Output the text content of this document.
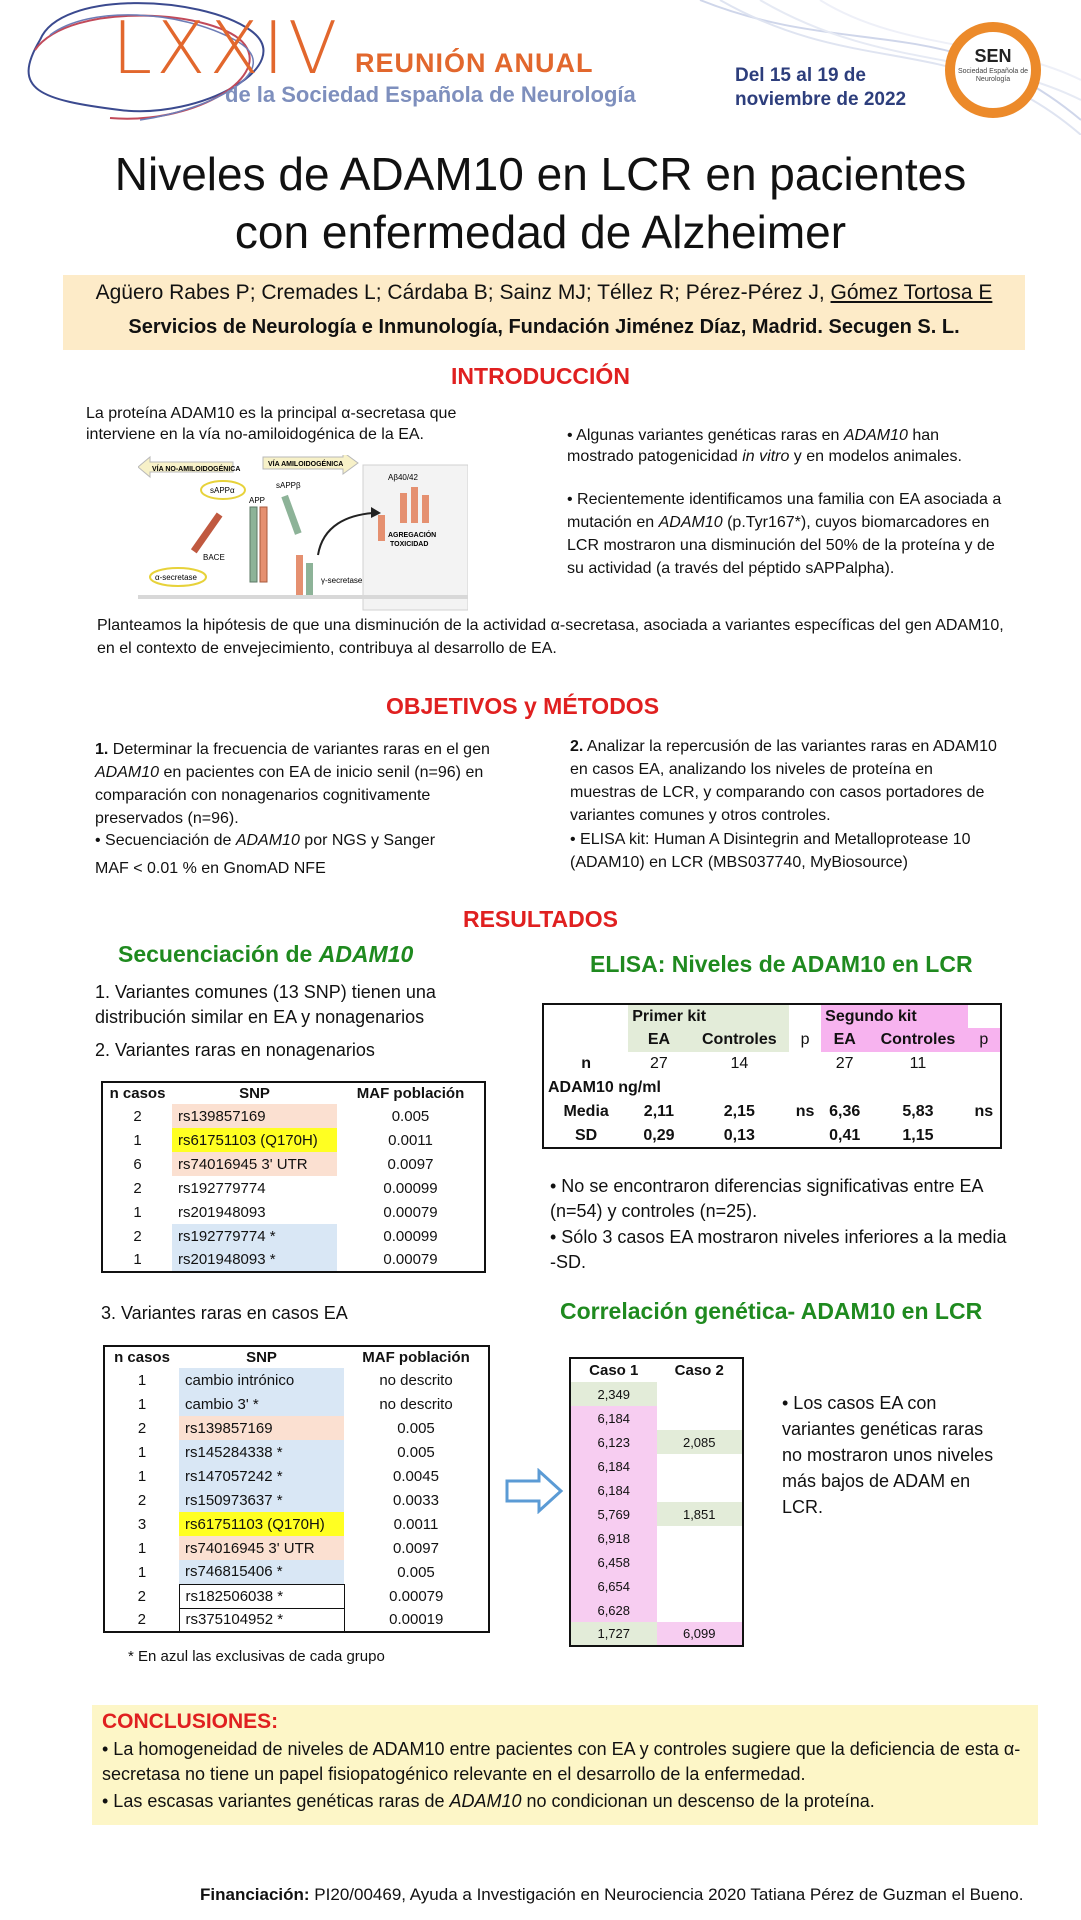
LXXIV REUNIÓN ANUAL
de la Sociedad Española de Neurología
Del 15 al 19 de
noviembre de 2022
SEN
Sociedad Española de Neurología
Niveles de ADAM10 en LCR en pacientes
con enfermedad de Alzheimer
Agüero Rabes P; Cremades L; Cárdaba B; Sainz MJ; Téllez R; Pérez-Pérez J, Gómez Tortosa E
Servicios de Neurología e Inmunología, Fundación Jiménez Díaz, Madrid. Secugen S. L.
INTRODUCCIÓN
La proteína ADAM10 es la principal α-secretasa que interviene en la vía no-amiloidogénica de la EA.
VÍA NO-AMILOIDOGÉNICA
VÍA AMILOIDOGÉNICA
sAPPα
sAPPβ
APP
Aβ40/42
AGREGACIÓN
TOXICIDAD
BACE
α-secretase	γ-secretase
• Algunas variantes genéticas raras en ADAM10 han mostrado patogenicidad in vitro y en modelos animales.
• Recientemente identificamos una familia con EA asociada a mutación en ADAM10 (p.Tyr167*), cuyos biomarcadores en LCR mostraron una disminución del 50% de la proteína y de su actividad (a través del péptido sAPPalpha).
Planteamos la hipótesis de que una disminución de la actividad α-secretasa, asociada a variantes específicas del gen ADAM10, en el contexto de envejecimiento, contribuya al desarrollo de EA.
OBJETIVOS y MÉTODOS
1. Determinar la frecuencia de variantes raras en el gen ADAM10 en pacientes con EA de inicio senil (n=96) en comparación con nonagenarios cognitivamente preservados (n=96).
• Secuenciación de ADAM10 por NGS y Sanger
MAF < 0.01 % en GnomAD NFE
2. Analizar la repercusión de las variantes raras en ADAM10 en casos EA, analizando los niveles de proteína en muestras de LCR, y comparando con casos portadores de variantes comunes y otros controles.
• ELISA kit: Human A Disintegrin and Metalloprotease 10 (ADAM10) en LCR (MBS037740, MyBiosource)
RESULTADOS
Secuenciación de ADAM10
1. Variantes comunes (13 SNP) tienen una distribución similar en EA y nonagenarios
2. Variantes raras en nonagenarios
n casos	SNP	MAF población
2	rs139857169	0.005
1	rs61751103 (Q170H)	0.0011
6	rs74016945 3' UTR	0.0097
2	rs192779774	0.00099
1	rs201948093	0.00079
2	rs192779774 *	0.00099
1	rs201948093 *	0.00079
3. Variantes raras en casos EA
n casos	SNP	MAF población
1	cambio intrónico	no descrito
1	cambio 3' *	no descrito
2	rs139857169	0.005
1	rs145284338 *	0.005
1	rs147057242 *	0.0045
2	rs150973637 *	0.0033
3	rs61751103 (Q170H)	0.0011
1	rs74016945 3' UTR	0.0097
1	rs746815406 *	0.005
2	rs182506038 *	0.00079
2	rs375104952 *	0.00019
* En azul las exclusivas de cada grupo
ELISA: Niveles de ADAM10 en LCR
	Primer kit			Segundo kit		
	EA	Controles	p	EA	Controles	p
n	27	14		27	11	
ADAM10 ng/ml						
Media	2,11	2,15	ns	6,36	5,83	ns
SD	0,29	0,13		0,41	1,15	
• No se encontraron diferencias significativas entre EA (n=54) y controles (n=25).
• Sólo 3 casos EA mostraron niveles inferiores a la media -SD.
Correlación genética- ADAM10 en LCR
Caso 1	Caso 2
2,349	
6,184	
6,123	2,085
6,184	
6,184	
5,769	1,851
6,918	
6,458	
6,654	
6,628	
1,727	6,099
• Los casos EA con variantes genéticas raras no mostraron unos niveles más bajos de ADAM en LCR.
CONCLUSIONES:
• La homogeneidad de niveles de ADAM10 entre pacientes con EA y controles sugiere que la deficiencia de esta α-secretasa no tiene un papel fisiopatogénico relevante en el desarrollo de la enfermedad.
• Las escasas variantes genéticas raras de ADAM10 no condicionan un descenso de la proteína.
Financiación: PI20/00469, Ayuda a Investigación en Neurociencia 2020 Tatiana Pérez de Guzman el Bueno.
